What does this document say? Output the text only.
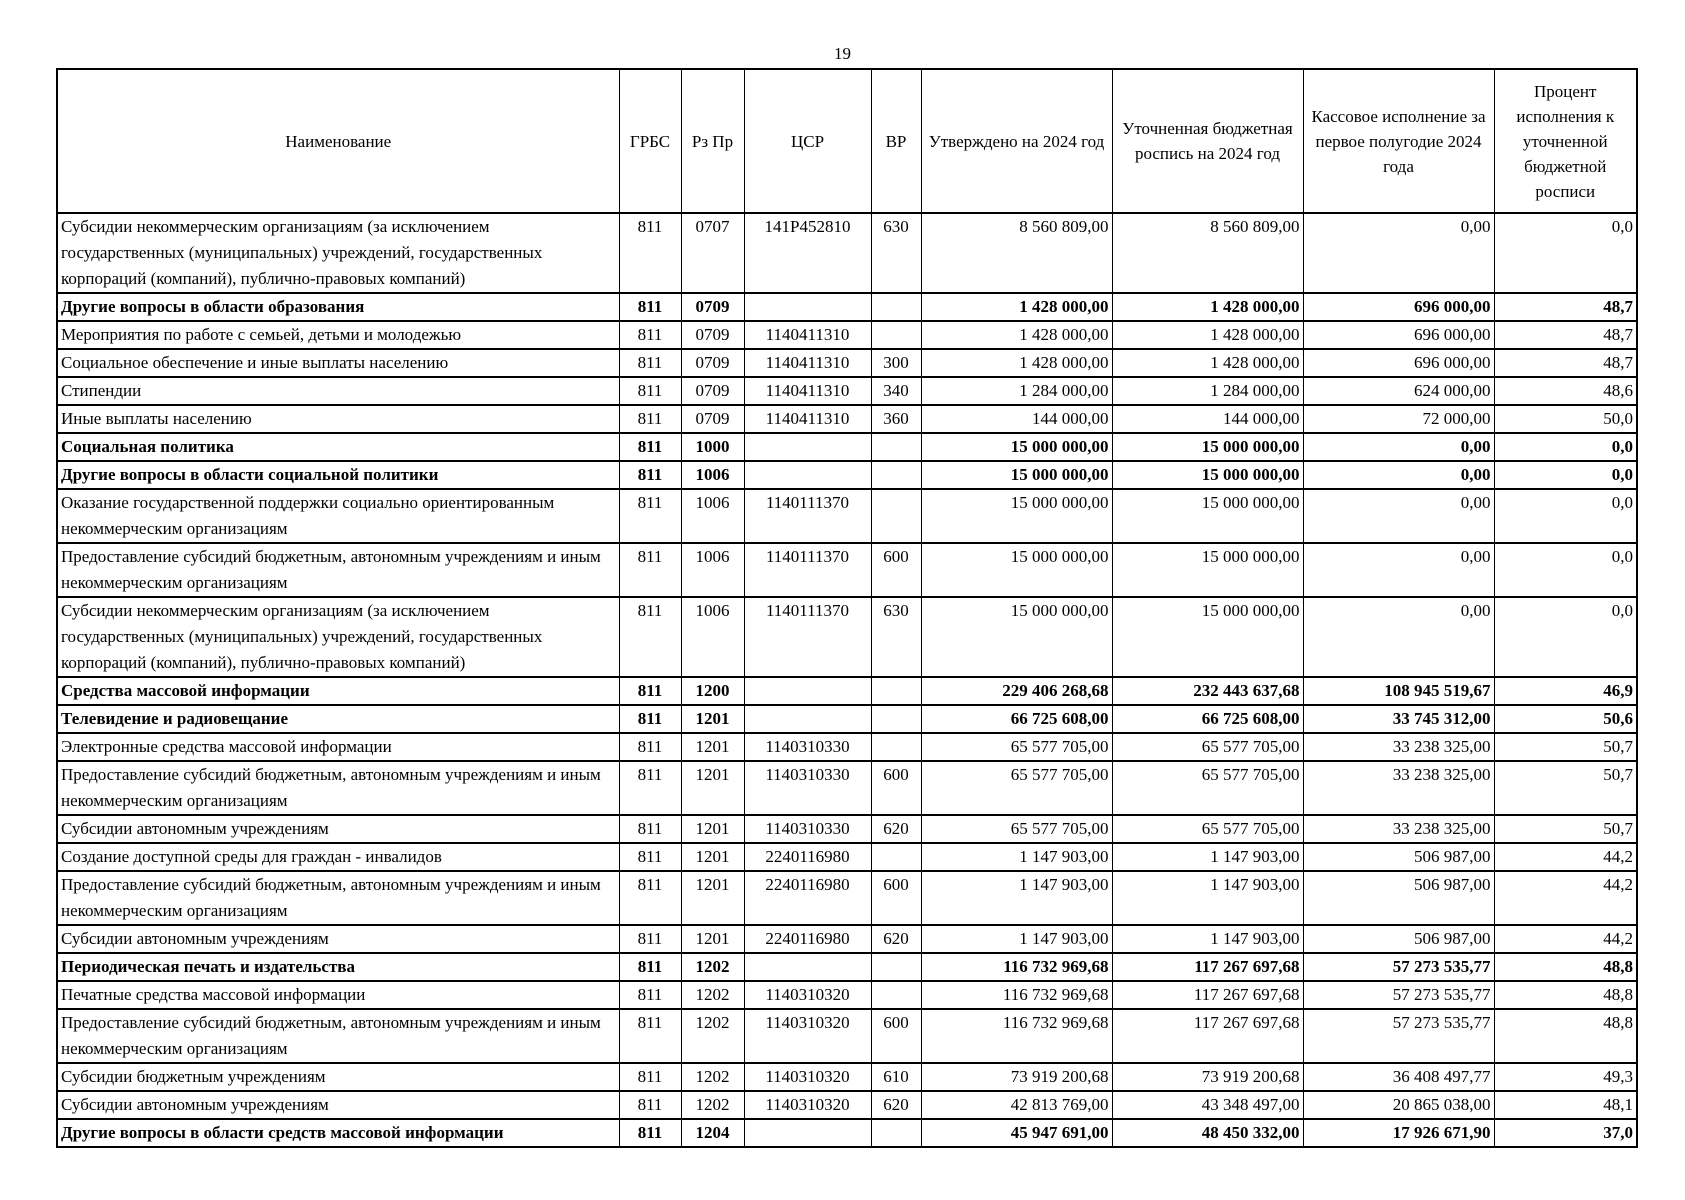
19
Наименование	ГРБС	Рз Пр	ЦСР	ВР	Утверждено на 2024 год	Уточненная бюджетная роспись на 2024 год	Кассовое исполнение за первое полугодие 2024 года	Процент исполнения к уточненной бюджетной росписи
Субсидии некоммерческим организациям (за исключением государственных (муниципальных) учреждений, государственных корпораций (компаний), публично-правовых компаний)	811	0707	141P452810	630	8 560 809,00	8 560 809,00	0,00	0,0
Другие вопросы в области образования	811	0709			1 428 000,00	1 428 000,00	696 000,00	48,7
Мероприятия по работе с семьей, детьми и молодежью	811	0709	1140411310		1 428 000,00	1 428 000,00	696 000,00	48,7
Социальное обеспечение и иные выплаты населению	811	0709	1140411310	300	1 428 000,00	1 428 000,00	696 000,00	48,7
Стипендии	811	0709	1140411310	340	1 284 000,00	1 284 000,00	624 000,00	48,6
Иные выплаты населению	811	0709	1140411310	360	144 000,00	144 000,00	72 000,00	50,0
Социальная политика	811	1000			15 000 000,00	15 000 000,00	0,00	0,0
Другие вопросы в области социальной политики	811	1006			15 000 000,00	15 000 000,00	0,00	0,0
Оказание государственной поддержки социально ориентированным некоммерческим организациям	811	1006	1140111370		15 000 000,00	15 000 000,00	0,00	0,0
Предоставление субсидий бюджетным, автономным учреждениям и иным некоммерческим организациям	811	1006	1140111370	600	15 000 000,00	15 000 000,00	0,00	0,0
Субсидии некоммерческим организациям (за исключением государственных (муниципальных) учреждений, государственных корпораций (компаний), публично-правовых компаний)	811	1006	1140111370	630	15 000 000,00	15 000 000,00	0,00	0,0
Средства массовой информации	811	1200			229 406 268,68	232 443 637,68	108 945 519,67	46,9
Телевидение и радиовещание	811	1201			66 725 608,00	66 725 608,00	33 745 312,00	50,6
Электронные средства массовой информации	811	1201	1140310330		65 577 705,00	65 577 705,00	33 238 325,00	50,7
Предоставление субсидий бюджетным, автономным учреждениям и иным некоммерческим организациям	811	1201	1140310330	600	65 577 705,00	65 577 705,00	33 238 325,00	50,7
Субсидии автономным учреждениям	811	1201	1140310330	620	65 577 705,00	65 577 705,00	33 238 325,00	50,7
Создание доступной среды для граждан - инвалидов	811	1201	2240116980		1 147 903,00	1 147 903,00	506 987,00	44,2
Предоставление субсидий бюджетным, автономным учреждениям и иным некоммерческим организациям	811	1201	2240116980	600	1 147 903,00	1 147 903,00	506 987,00	44,2
Субсидии автономным учреждениям	811	1201	2240116980	620	1 147 903,00	1 147 903,00	506 987,00	44,2
Периодическая печать и издательства	811	1202			116 732 969,68	117 267 697,68	57 273 535,77	48,8
Печатные средства массовой информации	811	1202	1140310320		116 732 969,68	117 267 697,68	57 273 535,77	48,8
Предоставление субсидий бюджетным, автономным учреждениям и иным некоммерческим организациям	811	1202	1140310320	600	116 732 969,68	117 267 697,68	57 273 535,77	48,8
Субсидии бюджетным учреждениям	811	1202	1140310320	610	73 919 200,68	73 919 200,68	36 408 497,77	49,3
Субсидии автономным учреждениям	811	1202	1140310320	620	42 813 769,00	43 348 497,00	20 865 038,00	48,1
Другие вопросы в области средств массовой информации	811	1204			45 947 691,00	48 450 332,00	17 926 671,90	37,0
